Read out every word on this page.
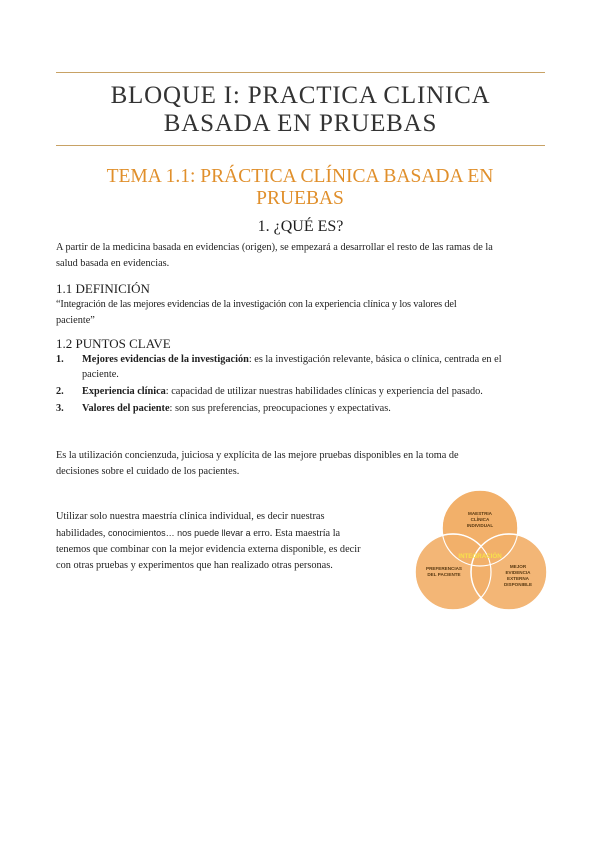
BLOQUE I: PRACTICA CLINICA
BASADA EN PRUEBAS
TEMA 1.1: PRÁCTICA CLÍNICA BASADA EN
PRUEBAS
1. ¿QUÉ ES?
A partir de la medicina basada en evidencias (origen), se empezará a desarrollar el resto de las ramas de la
salud basada en evidencias.
1.1 DEFINICIÓN
“Integración de las mejores evidencias de la investigación con la experiencia clínica y los valores del
paciente”
1.2 PUNTOS CLAVE
1. Mejores evidencias de la investigación: es la investigación relevante, básica o clínica, centrada en el
paciente.
2. Experiencia clínica: capacidad de utilizar nuestras habilidades clínicas y experiencia del pasado.
3. Valores del paciente: son sus preferencias, preocupaciones y expectativas.
Es la utilización concienzuda, juiciosa y explícita de las mejore pruebas disponibles en la toma de
decisiones sobre el cuidado de los pacientes.
Utilizar solo nuestra maestría clínica individual, es decir nuestras
habilidades, conocimientos… nos puede llevar a erro. Esta maestría la
tenemos que combinar con la mejor evidencia externa disponible, es decir
con otras pruebas y experimentos que han realizado otras personas.
MAESTRIA
CLÍNICA
INDIVIDUAL
PREFERENCIAS
DEL PACIENTE
MEJOR
EVIDENCIA
EXTERNA
DISPONIBLE
INTEGRACIÓN
